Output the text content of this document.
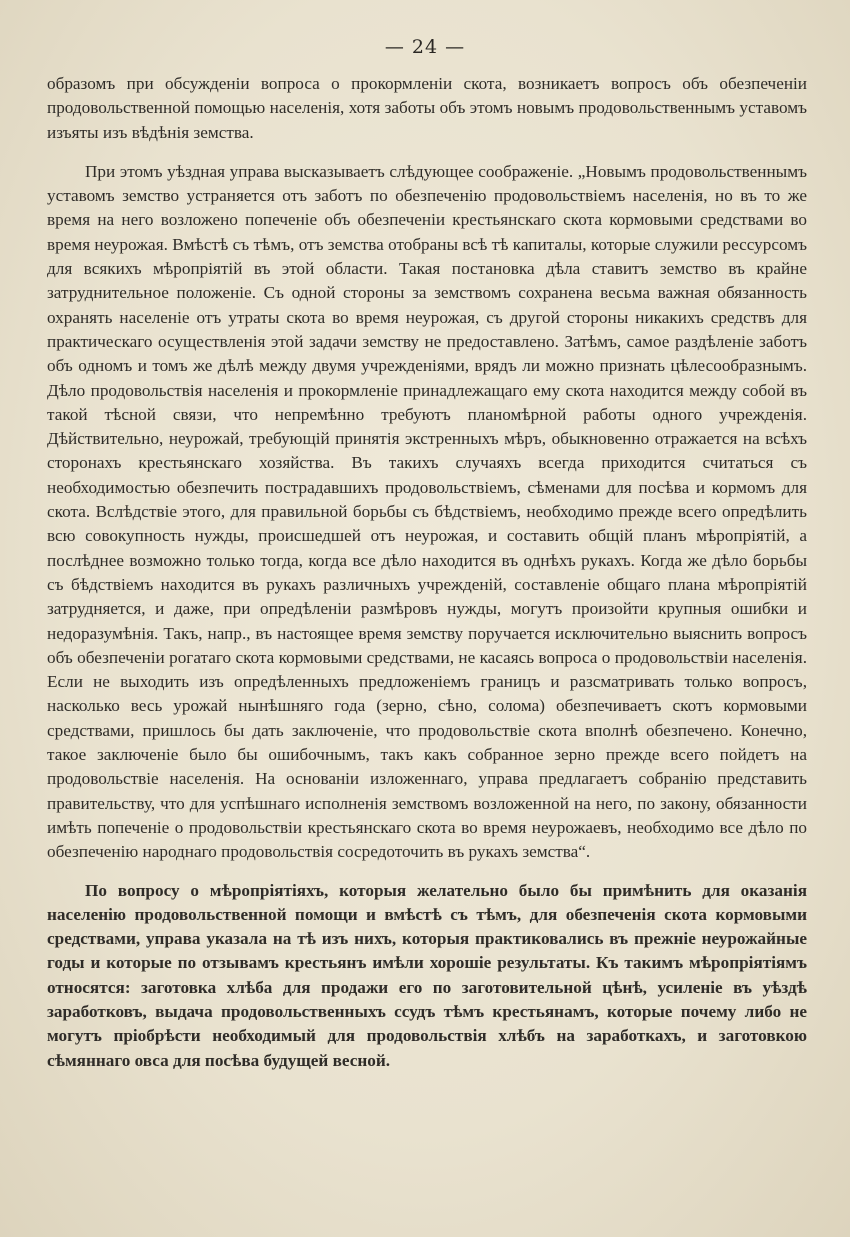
— 24 —

образомъ при обсужденіи вопроса о прокормленіи скота, возникаетъ вопросъ объ обезпеченіи продовольственной помощью населенія, хотя заботы объ этомъ новымъ продовольственнымъ уставомъ изъяты изъ вѣдѣнія земства.

При этомъ уѣздная управа высказываетъ слѣдующее соображеніе. „Новымъ продовольственнымъ уставомъ земство устраняется отъ заботъ по обезпеченію продовольствіемъ населенія, но въ то же время на него возложено попеченіе объ обезпеченіи крестьянскаго скота кормовыми средствами во время неурожая. Вмѣстѣ съ тѣмъ, отъ земства отобраны всѣ тѣ капиталы, которые служили рессурсомъ для всякихъ мѣропріятій въ этой области. Такая постановка дѣла ставитъ земство въ крайне затруднительное положеніе. Съ одной стороны за земствомъ сохранена весьма важная обязанность охранять населеніе отъ утраты скота во время неурожая, съ другой стороны никакихъ средствъ для практическаго осуществленія этой задачи земству не предоставлено. Затѣмъ, самое раздѣленіе заботъ объ одномъ и томъ же дѣлѣ между двумя учрежденіями, врядъ ли можно признать цѣлесообразнымъ. Дѣло продовольствія населенія и прокормленіе принадлежащаго ему скота находится между собой въ такой тѣсной связи, что непремѣнно требуютъ планомѣрной работы одного учрежденія. Дѣйствительно, неурожай, требующій принятія экстренныхъ мѣръ, обыкновенно отражается на всѣхъ сторонахъ крестьянскаго хозяйства. Въ такихъ случаяхъ всегда приходится считаться съ необходимостью обезпечить пострадавшихъ продовольствіемъ, сѣменами для посѣва и кормомъ для скота. Вслѣдствіе этого, для правильной борьбы съ бѣдствіемъ, необходимо прежде всего опредѣлить всю совокупность нужды, происшедшей отъ неурожая, и составить общій планъ мѣропріятій, а послѣднее возможно только тогда, когда все дѣло находится въ однѣхъ рукахъ. Когда же дѣло борьбы съ бѣдствіемъ находится въ рукахъ различныхъ учрежденій, составленіе общаго плана мѣропріятій затрудняется, и даже, при опредѣленіи размѣровъ нужды, могутъ произойти крупныя ошибки и недоразумѣнія. Такъ, напр., въ настоящее время земству поручается исключительно выяснить вопросъ объ обезпеченіи рогатаго скота кормовыми средствами, не касаясь вопроса о продовольствіи населенія. Если не выходить изъ опредѣленныхъ предложеніемъ границъ и разсматривать только вопросъ, насколько весь урожай нынѣшняго года (зерно, сѣно, солома) обезпечиваетъ скотъ кормовыми средствами, пришлось бы дать заключеніе, что продовольствіе скота вполнѣ обезпечено. Конечно, такое заключеніе было бы ошибочнымъ, такъ какъ собранное зерно прежде всего пойдетъ на продовольствіе населенія. На основаніи изложеннаго, управа предлагаетъ собранію представить правительству, что для успѣшнаго исполненія земствомъ возложенной на него, по закону, обязанности имѣть попеченіе о продовольствіи крестьянскаго скота во время неурожаевъ, необходимо все дѣло по обезпеченію народнаго продовольствія сосредоточить въ рукахъ земства“.

По вопросу о мѣропріятіяхъ, которыя желательно было бы примѣнить для оказанія населенію продовольственной помощи и вмѣстѣ съ тѣмъ, для обезпеченія скота кормовыми средствами, управа указала на тѣ изъ нихъ, которыя практиковались въ прежніе неурожайные годы и которые по отзывамъ крестьянъ имѣли хорошіе результаты. Къ такимъ мѣропріятіямъ относятся: заготовка хлѣба для продажи его по заготовительной цѣнѣ, усиленіе въ уѣздѣ заработковъ, выдача продовольственныхъ ссудъ тѣмъ крестьянамъ, которые почему либо не могутъ пріобрѣсти необходимый для продовольствія хлѣбъ на заработкахъ, и заготовкою сѣмяннаго овса для посѣва будущей весной.
